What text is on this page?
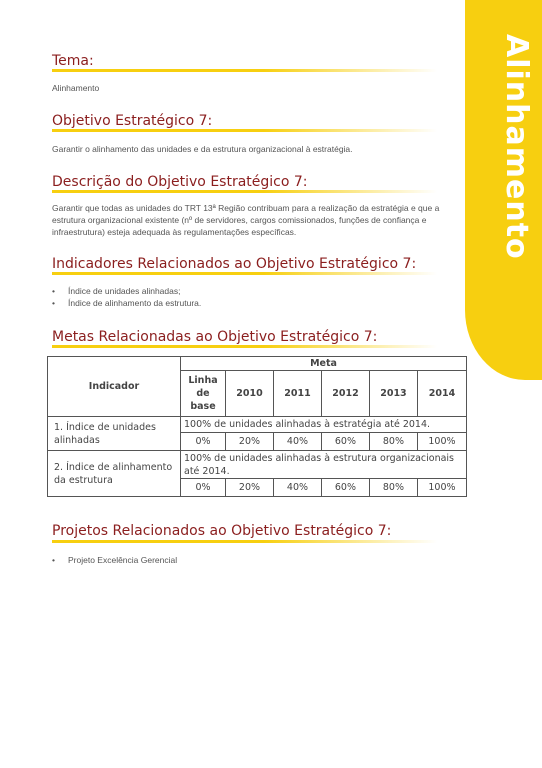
Alinhamento
Tema:
Alinhamento
Objetivo Estratégico 7:
Garantir o alinhamento das unidades e da estrutura organizacional à estratégia.
Descrição do Objetivo Estratégico 7:
Garantir que todas as unidades do TRT 13ª Região contribuam para a realização da estratégia e que a estrutura organizacional existente (nº de servidores, cargos comissionados, funções de confiança e infraestrutura) esteja adequada às regulamentações específicas.
Indicadores Relacionados ao Objetivo Estratégico 7:
• Índice de unidades alinhadas;
• Índice de alinhamento da estrutura.
Metas Relacionadas ao Objetivo Estratégico 7:
Indicador	Meta					
	Linha de base	2010	2011	2012	2013	2014
1. Índice de unidades alinhadas	100% de unidades alinhadas à estratégia até 2014.					
	0%	20%	40%	60%	80%	100%
2. Índice de alinhamento da estrutura	100% de unidades alinhadas à estrutura organizacionais até 2014.					
	0%	20%	40%	60%	80%	100%
Projetos Relacionados ao Objetivo Estratégico 7:
• Projeto Excelência Gerencial
